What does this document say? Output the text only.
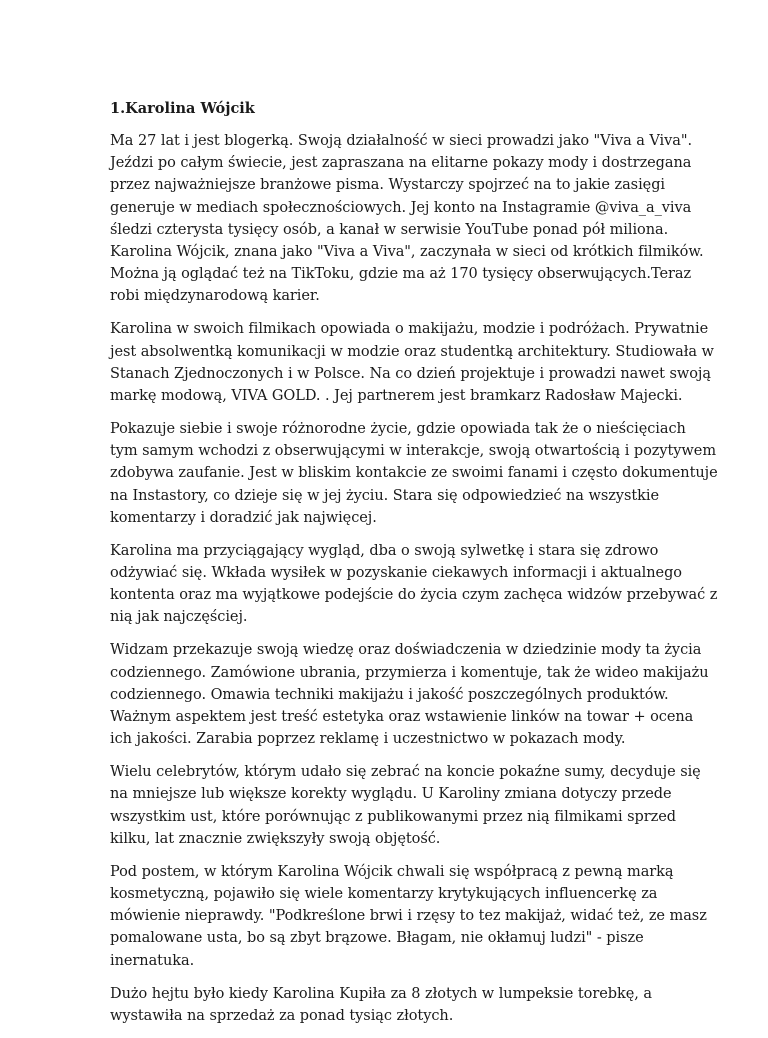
1.Karolina Wójcik

Ma 27 lat i jest blogerką. Swoją działalność w sieci prowadzi jako "Viva a Viva". Jeździ po całym świecie, jest zapraszana na elitarne pokazy mody i dostrzegana przez najważniejsze branżowe pisma. Wystarczy spojrzeć na to jakie zasięgi generuje w mediach społecznościowych. Jej konto na Instagramie @viva_a_viva śledzi czterysta tysięcy osób, a kanał w serwisie YouTube ponad pół miliona. Karolina Wójcik, znana jako "Viva a Viva", zaczynała w sieci od krótkich filmików. Można ją oglądać też na TikToku, gdzie ma aż 170 tysięcy obserwujących.Teraz robi międzynarodową karier.

Karolina w swoich filmikach opowiada o makijażu, modzie i podróżach. Prywatnie jest absolwentką komunikacji w modzie oraz studentką architektury. Studiowała w Stanach Zjednoczonych i w Polsce. Na co dzień projektuje i prowadzi nawet swoją markę modową, VIVA GOLD. . Jej partnerem jest bramkarz Radosław Majecki.

Pokazuje siebie i swoje różnorodne życie, gdzie opowiada tak że o nieścięciach tym samym wchodzi z obserwującymi w interakcje, swoją otwartością i pozytywem zdobywa zaufanie. Jest w bliskim kontakcie ze swoimi fanami i często dokumentuje na Instastory, co dzieje się w jej życiu. Stara się odpowiedzieć na wszystkie komentarzy i doradzić jak najwięcej.

Karolina ma przyciągający wygląd, dba o swoją sylwetkę i stara się zdrowo odżywiać się. Wkłada wysiłek w pozyskanie ciekawych informacji i aktualnego kontenta oraz ma wyjątkowe podejście do życia czym zachęca widzów przebywać z nią jak najczęściej.

Widzam przekazuje swoją wiedzę oraz doświadczenia w dziedzinie mody ta życia codziennego. Zamówione ubrania, przymierza i komentuje, tak że wideo makijażu codziennego. Omawia techniki makijażu i jakość poszczególnych produktów. Ważnym aspektem jest treść estetyka oraz wstawienie linków na towar + ocena ich jakości. Zarabia poprzez reklamę i uczestnictwo w pokazach mody.

Wielu celebrytów, którym udało się zebrać na koncie pokaźne sumy, decyduje się na mniejsze lub większe korekty wyglądu. U Karoliny zmiana dotyczy przede wszystkim ust, które porównując z publikowanymi przez nią filmikami sprzed kilku, lat znacznie zwiększyły swoją objętość.

Pod postem, w którym Karolina Wójcik chwali się współpracą z pewną marką kosmetyczną, pojawiło się wiele komentarzy krytykujących influencerkę za mówienie nieprawdy. "Podkreślone brwi i rzęsy to tez makijaż, widać też, ze masz pomalowane usta, bo są zbyt brązowe. Błagam, nie okłamuj ludzi" - pisze inernatuka.

Dużo hejtu było kiedy Karolina Kupiła za 8 złotych w lumpeksie torebkę, a wystawiła na sprzedaż za ponad tysiąc złotych.
